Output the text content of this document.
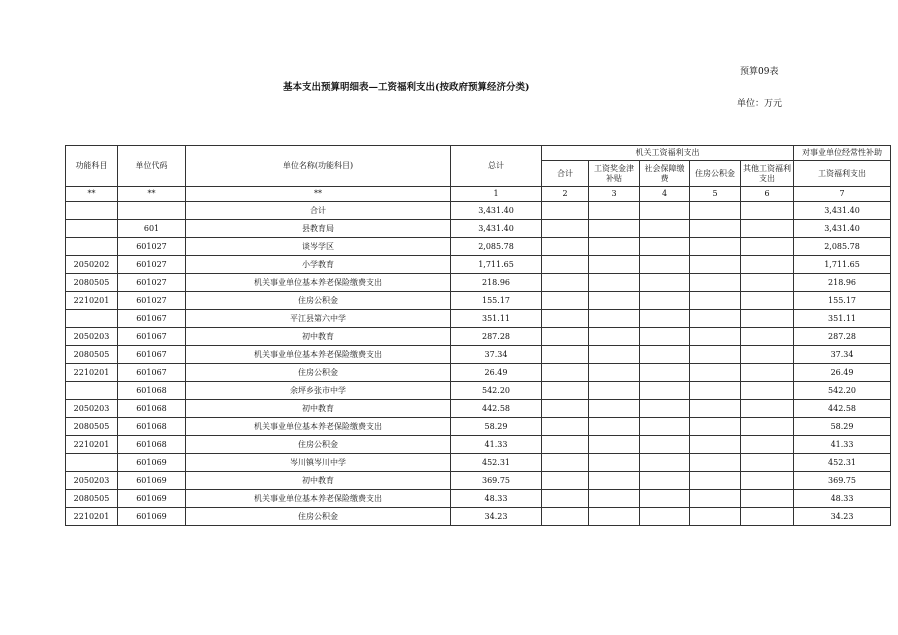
预算09表
基本支出预算明细表—工资福利支出(按政府预算经济分类)
单位：万元
功能科目	单位代码	单位名称(功能科目)	总计	机关工资福利支出					对事业单位经常性补助
				合计	工资奖金津补贴	社会保障缴费	住房公积金	其他工资福利支出	工资福利支出
**	**	**	1	2	3	4	5	6	7
		合计	3,431.40						3,431.40
	601	县教育局	3,431.40						3,431.40
	601027	谈岑学区	2,085.78						2,085.78
2050202	601027	小学教育	1,711.65						1,711.65
2080505	601027	机关事业单位基本养老保险缴费支出	218.96						218.96
2210201	601027	住房公积金	155.17						155.17
	601067	平江县第六中学	351.11						351.11
2050203	601067	初中教育	287.28						287.28
2080505	601067	机关事业单位基本养老保险缴费支出	37.34						37.34
2210201	601067	住房公积金	26.49						26.49
	601068	余坪乡张市中学	542.20						542.20
2050203	601068	初中教育	442.58						442.58
2080505	601068	机关事业单位基本养老保险缴费支出	58.29						58.29
2210201	601068	住房公积金	41.33						41.33
	601069	岑川镇岑川中学	452.31						452.31
2050203	601069	初中教育	369.75						369.75
2080505	601069	机关事业单位基本养老保险缴费支出	48.33						48.33
2210201	601069	住房公积金	34.23						34.23
